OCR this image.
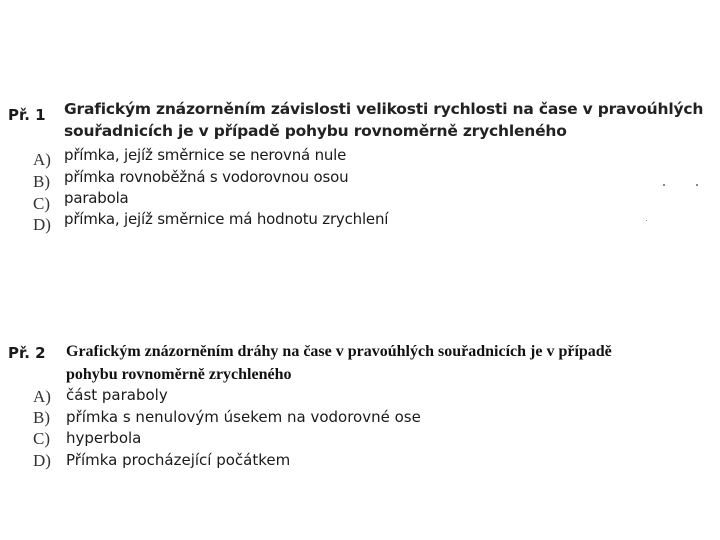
Př. 1 Grafickým znázorněním závislosti velikosti rychlosti na čase v pravoúhlých
souřadnicích je v případě pohybu rovnoměrně zrychleného
A) přímka, jejíž směrnice se nerovná nule
B) přímka rovnoběžná s vodorovnou osou
C) parabola
D) přímka, jejíž směrnice má hodnotu zrychlení
Př. 2 Grafickým znázorněním dráhy na čase v pravoúhlých souřadnicích je v případě
pohybu rovnoměrně zrychleného
A) část paraboly
B) přímka s nenulovým úsekem na vodorovné ose
C) hyperbola
D) Přímka procházející počátkem
